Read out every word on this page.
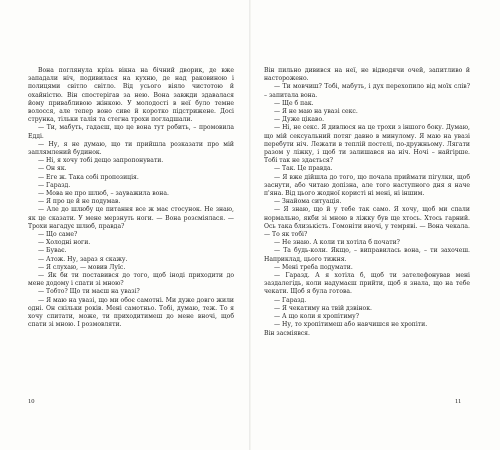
Вона поглянула крізь вікна на бічний дворик, де вже западали ніч, подивилася на кухню, де над раковиною і полицями світло світло. Від усього віяло чистотою й охайністю. Він спостерігав за нею. Вона завжди здавалася йому привабливою жінкою. У молодості в неї було темне волосся, але тепер воно сиве й коротко підстрижене. Досі струнка, тільки талія та стегна трохи погладшали.

— Ти, мабуть, гадаєш, що це вона тут робить, – промовила Едді.

— Ну, я не думаю, що ти прийшла розказати про мій заплямлений будинок.

— Ні, я хочу тобі дещо запропонувати.

— Он як.

— Еге ж. Така собі пропозиція.

— Гаразд.

— Мова не про шлюб, – зауважила вона.

— Я про це й не подумав.

— Але до шлюбу це питання все ж має стосунок. Не знаю, як це сказати. У мене мерзнуть ноги. — Вона розсміялася. — Трохи нагадує шлюб, правда?

— Що саме?

— Холодні ноги.

— Буває.

— Атож. Ну, зараз я скажу.

— Я слухаю, — мовив Луїс.

— Як би ти поставився до того, щоб іноді приходити до мене додому і спати зі мною?

— Тобто? Що ти маєш на увазі?

— Я маю на увазі, що ми обоє самотні. Ми дуже довго жили одні. Он скільки років. Мені самотньо. Тобі, думаю, теж. То я хочу спитати, може, ти приходитимеш до мене вночі, щоб спати зі мною. І розмовляти.

Він пильно дивився на неї, не відводячи очей, запитливо й насторожено.

— Ти мовчиш? Тобі, мабуть, і дух перехопило від моїх слів? – запитала вона.

— Ще б пак.

— Я не маю на увазі секс.

— Дуже цікаво.

— Ні, не секс. Я дивлюся на це трохи з іншого боку. Думаю, що мій сексуальний потяг давно в минулому. Я маю на увазі перебути ніч. Лежати в теплій постелі, по-дружньому. Лягати разом у ліжку, і щоб ти залишався на ніч. Ночі – найгірше. Тобі так не здається?

— Так. Це правда.

— Я вже дійшла до того, що почала приймати пігулки, щоб заснути, або читаю допізна, але того наступного дня я наче п'яна. Від цього жодної користі ні мені, ні іншим.

— Знайома ситуація.

— Я знаю, що й у тебе так само. Я хочу, щоб ми спали нормально, якби зі мною в ліжку був ще хтось. Хтось гарний. Ось така близькість. Гомоніти вночі, у темряві. — Вона чекала. — То як тобі?

— Не знаю. А коли ти хотіла б почати?

— Та будь-коли. Якщо, – виправилась вона, – ти захочеш. Наприклад, цього тижня.

— Мені треба подумати.

— Гаразд. А я хотіла б, щоб ти зателефонував мені заздалегідь, коли надумаєш прийти, щоб я знала, що на тебе чекати. Щоб я була готова.

— Гаразд.

— Я чекатиму на твій дзвінок.

— А що коли я хропітиму?

— Ну, то хропітимеш або навчишся не хропіти.

Він засміявся.

10	11
